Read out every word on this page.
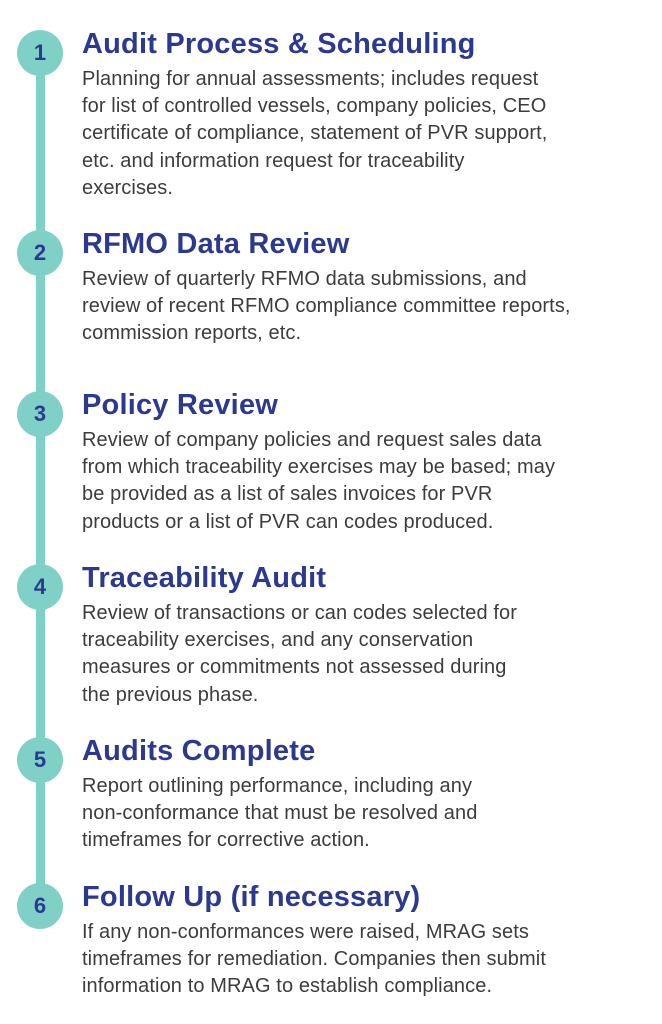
1 Audit Process & Scheduling

Planning for annual assessments; includes request
for list of controlled vessels, company policies, CEO
certificate of compliance, statement of PVR support,
etc. and information request for traceability
exercises.

2 RFMO Data Review

Review of quarterly RFMO data submissions, and
review of recent RFMO compliance committee reports,
commission reports, etc.

3 Policy Review

Review of company policies and request sales data
from which traceability exercises may be based; may
be provided as a list of sales invoices for PVR
products or a list of PVR can codes produced.

4 Traceability Audit

Review of transactions or can codes selected for
traceability exercises, and any conservation
measures or commitments not assessed during
the previous phase.

5 Audits Complete

Report outlining performance, including any
non-conformance that must be resolved and
timeframes for corrective action.

6 Follow Up (if necessary)

If any non-conformances were raised, MRAG sets
timeframes for remediation. Companies then submit
information to MRAG to establish compliance.
